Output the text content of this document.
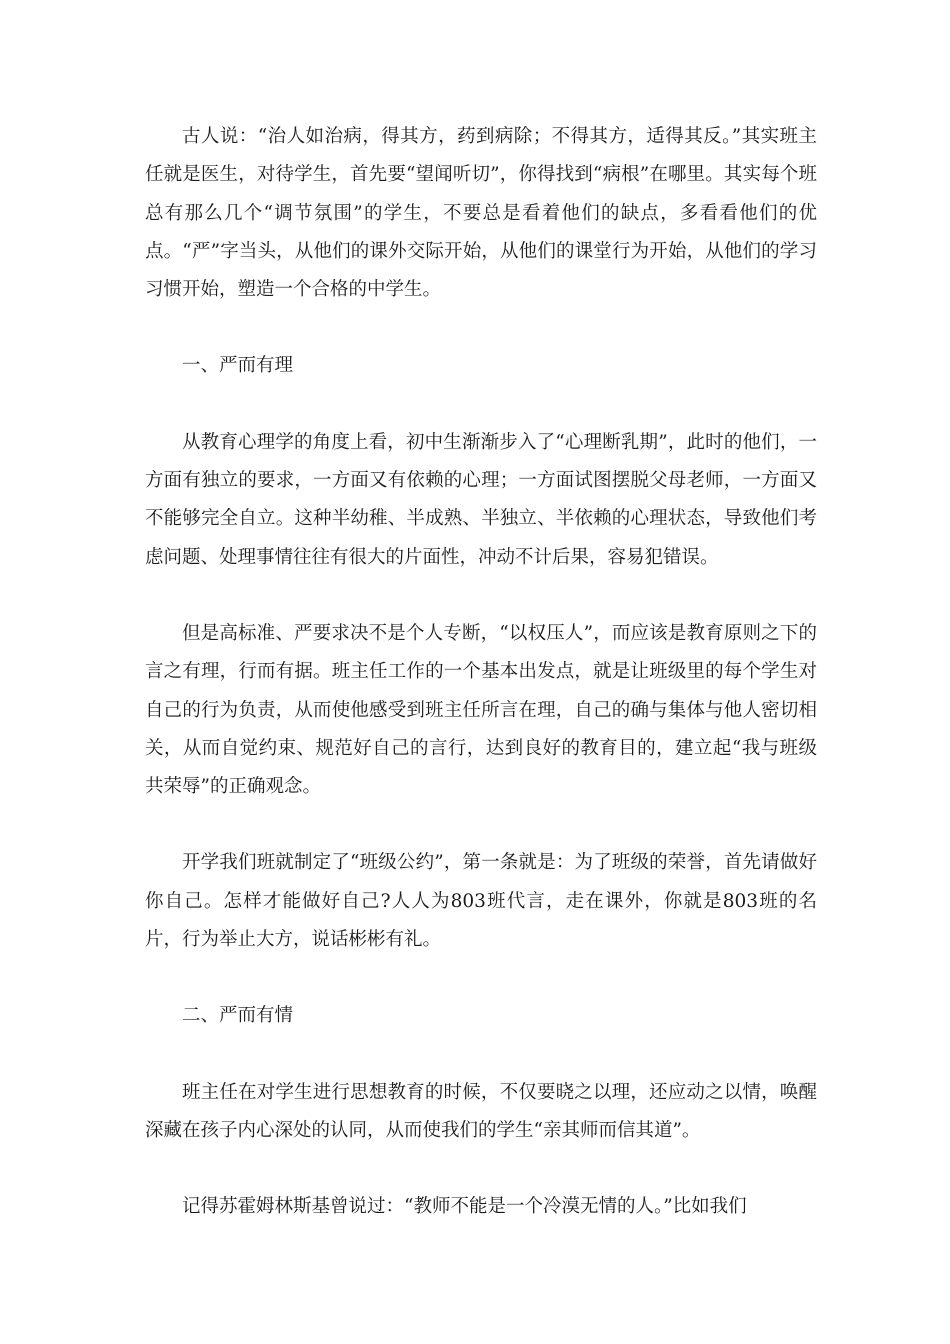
古人说：“治人如治病，得其方，药到病除；不得其方，适得其反。”其实班主任就是医生，对待学生，首先要“望闻听切”，你得找到“病根”在哪里。其实每个班总有那么几个“调节氛围”的学生，不要总是看着他们的缺点，多看看他们的优点。“严”字当头，从他们的课外交际开始，从他们的课堂行为开始，从他们的学习习惯开始，塑造一个合格的中学生。

一、严而有理

从教育心理学的角度上看，初中生渐渐步入了“心理断乳期”，此时的他们，一方面有独立的要求，一方面又有依赖的心理；一方面试图摆脱父母老师，一方面又不能够完全自立。这种半幼稚、半成熟、半独立、半依赖的心理状态，导致他们考虑问题、处理事情往往有很大的片面性，冲动不计后果，容易犯错误。

但是高标准、严要求决不是个人专断，“以权压人”，而应该是教育原则之下的言之有理，行而有据。班主任工作的一个基本出发点，就是让班级里的每个学生对自己的行为负责，从而使他感受到班主任所言在理，自己的确与集体与他人密切相关，从而自觉约束、规范好自己的言行，达到良好的教育目的，建立起“我与班级共荣辱”的正确观念。

开学我们班就制定了“班级公约”，第一条就是：为了班级的荣誉，首先请做好你自己。怎样才能做好自己?人人为803班代言，走在课外，你就是803班的名片，行为举止大方，说话彬彬有礼。

二、严而有情

班主任在对学生进行思想教育的时候，不仅要晓之以理，还应动之以情，唤醒深藏在孩子内心深处的认同，从而使我们的学生“亲其师而信其道”。

记得苏霍姆林斯基曾说过：“教师不能是一个冷漠无情的人。”比如我们
